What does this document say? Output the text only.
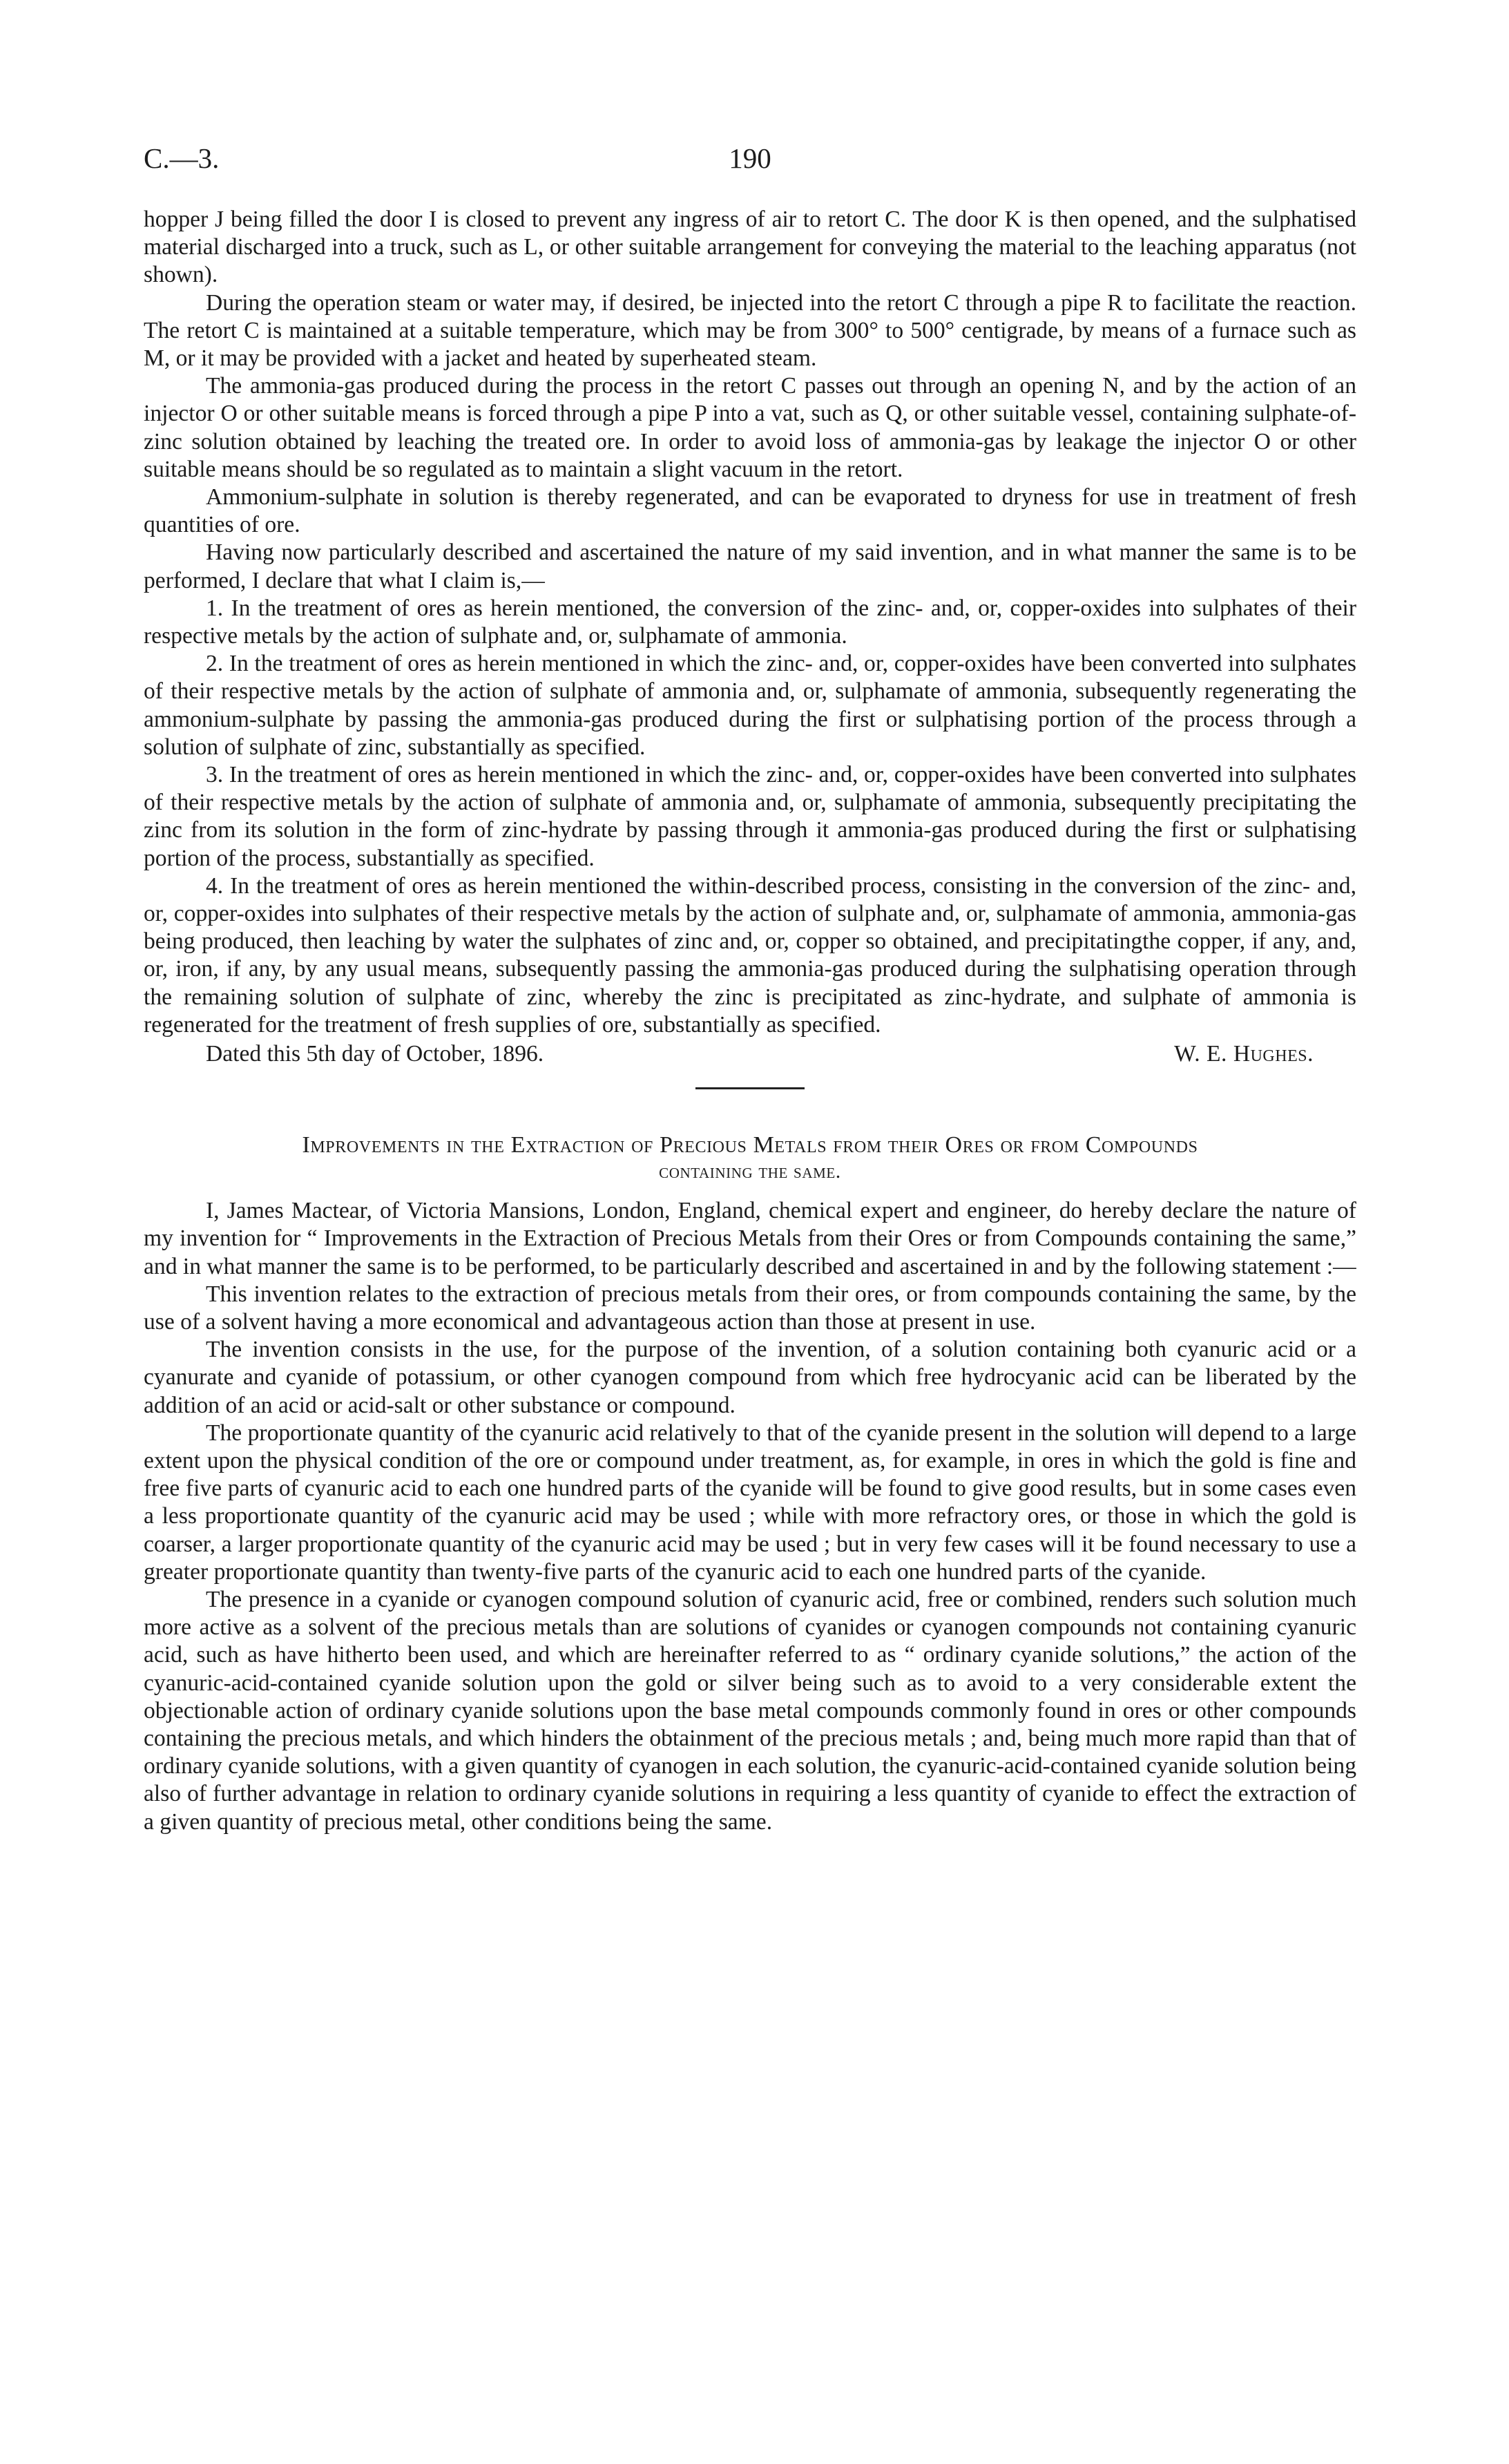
C.—3.	190

hopper J being filled the door I is closed to prevent any ingress of air to retort C. The door K is then opened, and the sulphatised material discharged into a truck, such as L, or other suitable arrangement for conveying the material to the leaching apparatus (not shown).

During the operation steam or water may, if desired, be injected into the retort C through a pipe R to facilitate the reaction. The retort C is maintained at a suitable temperature, which may be from 300° to 500° centigrade, by means of a furnace such as M, or it may be provided with a jacket and heated by superheated steam.

The ammonia-gas produced during the process in the retort C passes out through an opening N, and by the action of an injector O or other suitable means is forced through a pipe P into a vat, such as Q, or other suitable vessel, containing sulphate-of-zinc solution obtained by leaching the treated ore. In order to avoid loss of ammonia-gas by leakage the injector O or other suitable means should be so regulated as to maintain a slight vacuum in the retort.

Ammonium-sulphate in solution is thereby regenerated, and can be evaporated to dryness for use in treatment of fresh quantities of ore.

Having now particularly described and ascertained the nature of my said invention, and in what manner the same is to be performed, I declare that what I claim is,—

1. In the treatment of ores as herein mentioned, the conversion of the zinc- and, or, copper-oxides into sulphates of their respective metals by the action of sulphate and, or, sulphamate of ammonia.

2. In the treatment of ores as herein mentioned in which the zinc- and, or, copper-oxides have been converted into sulphates of their respective metals by the action of sulphate of ammonia and, or, sulphamate of ammonia, subsequently regenerating the ammonium-sulphate by passing the ammonia-gas produced during the first or sulphatising portion of the process through a solution of sulphate of zinc, substantially as specified.

3. In the treatment of ores as herein mentioned in which the zinc- and, or, copper-oxides have been converted into sulphates of their respective metals by the action of sulphate of ammonia and, or, sulphamate of ammonia, subsequently precipitating the zinc from its solution in the form of zinc-hydrate by passing through it ammonia-gas produced during the first or sulphatising portion of the process, substantially as specified.

4. In the treatment of ores as herein mentioned the within-described process, consisting in the conversion of the zinc- and, or, copper-oxides into sulphates of their respective metals by the action of sulphate and, or, sulphamate of ammonia, ammonia-gas being produced, then leaching by water the sulphates of zinc and, or, copper so obtained, and precipitatingthe copper, if any, and, or, iron, if any, by any usual means, subsequently passing the ammonia-gas produced during the sulphatising operation through the remaining solution of sulphate of zinc, whereby the zinc is precipitated as zinc-hydrate, and sulphate of ammonia is regenerated for the treatment of fresh supplies of ore, substantially as specified.

Dated this 5th day of October, 1896.	W. E. Hughes.
Improvements in the Extraction of Precious Metals from their Ores or from Compounds
containing the same.

I, James Mactear, of Victoria Mansions, London, England, chemical expert and engineer, do hereby declare the nature of my invention for “ Improvements in the Extraction of Precious Metals from their Ores or from Compounds containing the same,” and in what manner the same is to be performed, to be particularly described and ascertained in and by the following statement :—

This invention relates to the extraction of precious metals from their ores, or from compounds containing the same, by the use of a solvent having a more economical and advantageous action than those at present in use.

The invention consists in the use, for the purpose of the invention, of a solution containing both cyanuric acid or a cyanurate and cyanide of potassium, or other cyanogen compound from which free hydrocyanic acid can be liberated by the addition of an acid or acid-salt or other substance or compound.

The proportionate quantity of the cyanuric acid relatively to that of the cyanide present in the solution will depend to a large extent upon the physical condition of the ore or compound under treatment, as, for example, in ores in which the gold is fine and free five parts of cyanuric acid to each one hundred parts of the cyanide will be found to give good results, but in some cases even a less proportionate quantity of the cyanuric acid may be used ; while with more refractory ores, or those in which the gold is coarser, a larger proportionate quantity of the cyanuric acid may be used ; but in very few cases will it be found necessary to use a greater proportionate quantity than twenty-five parts of the cyanuric acid to each one hundred parts of the cyanide.

The presence in a cyanide or cyanogen compound solution of cyanuric acid, free or combined, renders such solution much more active as a solvent of the precious metals than are solutions of cyanides or cyanogen compounds not containing cyanuric acid, such as have hitherto been used, and which are hereinafter referred to as “ ordinary cyanide solutions,” the action of the cyanuric-acid-contained cyanide solution upon the gold or silver being such as to avoid to a very considerable extent the objectionable action of ordinary cyanide solutions upon the base metal compounds commonly found in ores or other compounds containing the precious metals, and which hinders the obtainment of the precious metals ; and, being much more rapid than that of ordinary cyanide solutions, with a given quantity of cyanogen in each solution, the cyanuric-acid-contained cyanide solution being also of further advantage in relation to ordinary cyanide solutions in requiring a less quantity of cyanide to effect the extraction of a given quantity of precious metal, other conditions being the same.
